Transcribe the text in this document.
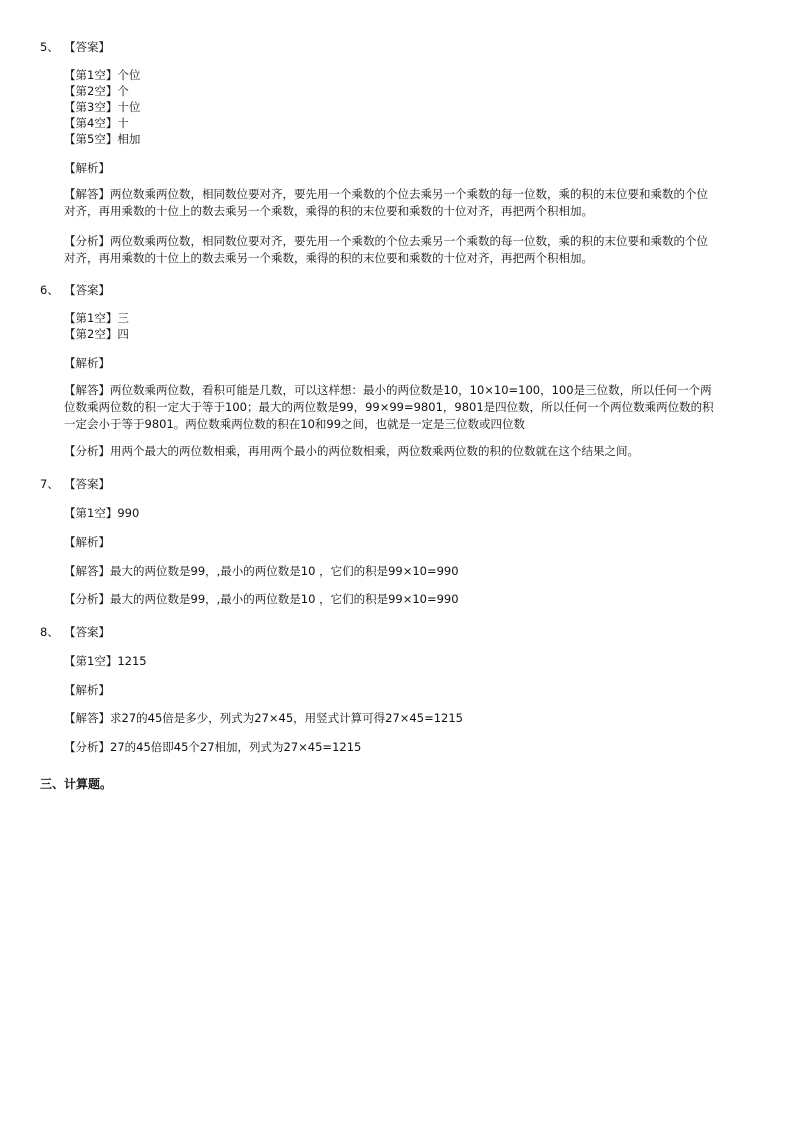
5、 【答案】
【第1空】个位
【第2空】个
【第3空】十位
【第4空】十
【第5空】相加
【解析】
【解答】两位数乘两位数，相同数位要对齐，要先用一个乘数的个位去乘另一个乘数的每一位数，乘的积的末位要和乘数的个位对齐，再用乘数的十位上的数去乘另一个乘数，乘得的积的末位要和乘数的十位对齐，再把两个积相加。
【分析】两位数乘两位数，相同数位要对齐，要先用一个乘数的个位去乘另一个乘数的每一位数，乘的积的末位要和乘数的个位对齐，再用乘数的十位上的数去乘另一个乘数，乘得的积的末位要和乘数的十位对齐，再把两个积相加。
6、 【答案】
【第1空】三
【第2空】四
【解析】
【解答】两位数乘两位数，看积可能是几数，可以这样想：最小的两位数是10，10×10=100，100是三位数，所以任何一个两位数乘两位数的积一定大于等于100；最大的两位数是99，99×99=9801，9801是四位数，所以任何一个两位数乘两位数的积一定会小于等于9801。两位数乘两位数的积在10和99之间，也就是一定是三位数或四位数
【分析】用两个最大的两位数相乘，再用两个最小的两位数相乘，两位数乘两位数的积的位数就在这个结果之间。
7、 【答案】
【第1空】990
【解析】
【解答】最大的两位数是99，,最小的两位数是10 ，它们的积是99×10=990
【分析】最大的两位数是99，,最小的两位数是10 ，它们的积是99×10=990
8、 【答案】
【第1空】1215
【解析】
【解答】求27的45倍是多少，列式为27×45，用竖式计算可得27×45=1215
【分析】27的45倍即45个27相加，列式为27×45=1215
三、计算题。
